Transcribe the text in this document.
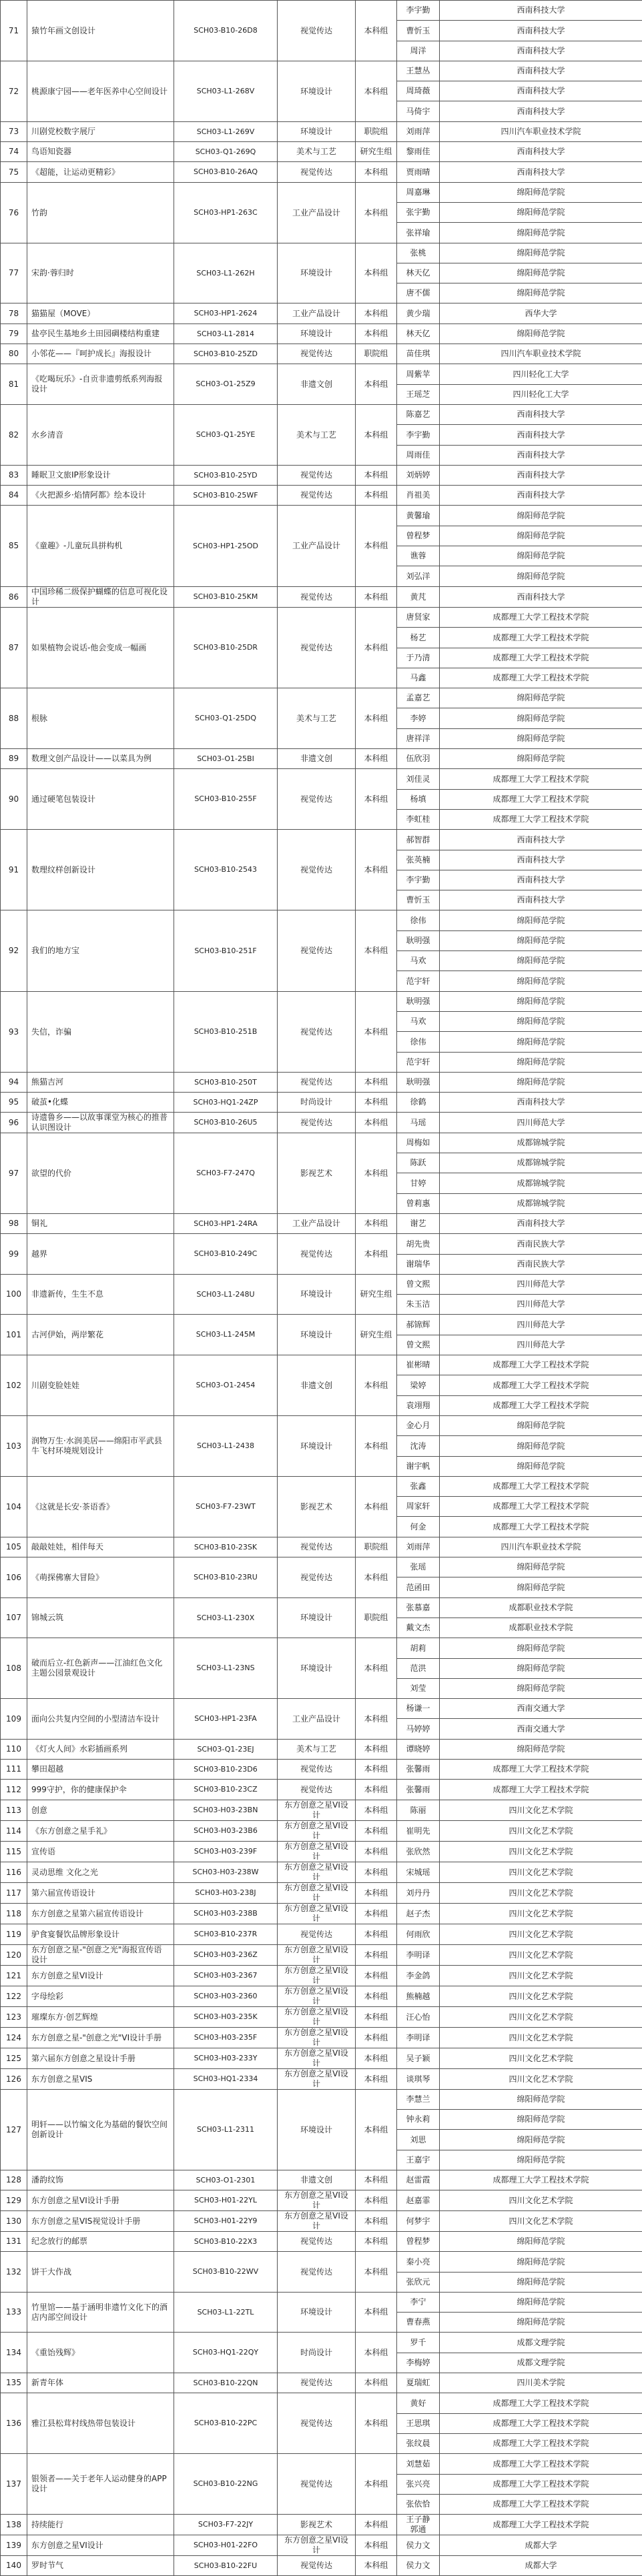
71	猿竹年画文创设计	SCH03-B10-26D8	视觉传达	本科组	李宇勤	西南科技大学
					曹忻玉	西南科技大学
					周洋	西南科技大学
72	桃源康宁园——老年医养中心空间设计	SCH03-L1-268V	环境设计	本科组	王慧丛	西南科技大学
					周琦薇	西南科技大学
					马倚宇	西南科技大学
73	川剧党校数字展厅	SCH03-L1-269V	环境设计	职院组	刘雨萍	四川汽车职业技术学院
74	鸟语知瓷器	SCH03-Q1-269Q	美术与工艺	研究生组	黎雨佳	西南科技大学
75	《超能，让运动更精彩》	SCH03-B10-26AQ	视觉传达	本科组	贾雨晴	西南科技大学
76	竹韵	SCH03-HP1-263C	工业产品设计	本科组	周嘉琳	绵阳师范学院
					张宇勤	绵阳师范学院
					张祥瑜	绵阳师范学院
77	宋韵·蓉归时	SCH03-L1-262H	环境设计	本科组	张桃	绵阳师范学院
					林天亿	绵阳师范学院
					唐不儒	绵阳师范学院
78	猫猫屋（MOVE）	SCH03-HP1-2624	工业产品设计	本科组	黄少瑞	西华大学
79	盐亭民生基地乡土田园碉楼结构重建	SCH03-L1-2814	环境设计	本科组	林天亿	绵阳师范学院
80	小邻花——『呵护成长』海报设计	SCH03-B10-25ZD	视觉传达	职院组	苗佳琪	四川汽车职业技术学院
81	《吃喝玩乐》-自贡非遗剪纸系列海报设计	SCH03-O1-25Z9	非遗文创	本科组	周紫苹	四川轻化工大学
					王瑶芝	四川轻化工大学
82	水乡清音	SCH03-Q1-25YE	美术与工艺	本科组	陈嘉艺	西南科技大学
					李宇勤	西南科技大学
					周雨佳	西南科技大学
83	睡眠卫文旅IP形象设计	SCH03-B10-25YD	视觉传达	本科组	刘炳婷	西南科技大学
84	《火把源乡·焰情阿都》绘本设计	SCH03-B10-25WF	视觉传达	本科组	肖祖美	西南科技大学
85	《童趣》-儿童玩具拼构机	SCH03-HP1-25OD	工业产品设计	本科组	黄馨瑜	绵阳师范学院
					曾程梦	绵阳师范学院
					谯蓉	绵阳师范学院
					刘弘洋	绵阳师范学院
86	中国珍稀二级保护蝴蝶的信息可视化设计	SCH03-B10-25KM	视觉传达	本科组	黄芃	西南科技大学
87	如果植物会说话-他会变成一幅画	SCH03-B10-25DR	视觉传达	本科组	唐贤家	成都理工大学工程技术学院
					杨艺	成都理工大学工程技术学院
					于乃清	成都理工大学工程技术学院
					马鑫	成都理工大学工程技术学院
88	根脉	SCH03-Q1-25DQ	美术与工艺	本科组	孟嘉艺	绵阳师范学院
					李婷	绵阳师范学院
					唐祥洋	绵阳师范学院
89	数理文创产品设计——以菜具为例	SCH03-O1-25BI	非遗文创	本科组	伍欣羽	绵阳师范学院
90	通过硬笔包装设计	SCH03-B10-255F	视觉传达	本科组	刘佳灵	成都理工大学工程技术学院
					杨填	成都理工大学工程技术学院
					李虹桂	成都理工大学工程技术学院
91	数理纹样创新设计	SCH03-B10-2543	视觉传达	本科组	郝智群	西南科技大学
					张英楠	西南科技大学
					李宇勤	西南科技大学
					曹忻玉	西南科技大学
92	我们的地方宝	SCH03-B10-251F	视觉传达	本科组	徐伟	绵阳师范学院
					耿明强	绵阳师范学院
					马欢	绵阳师范学院
					范宇轩	绵阳师范学院
93	失信，诈骗	SCH03-B10-251B	视觉传达	本科组	耿明强	绵阳师范学院
					马欢	绵阳师范学院
					徐伟	绵阳师范学院
					范宇轩	绵阳师范学院
94	熊猫吉河	SCH03-B10-250T	视觉传达	本科组	耿明强	绵阳师范学院
95	破茧•化蝶	SCH03-HQ1-24ZP	时尚设计	本科组	徐鹤	西南科技大学
96	诗遗鲁乡——以故事课堂为核心的推普认识图设计	SCH03-B10-26U5	视觉传达	本科组	马瑶	四川师范大学
97	欲望的代价	SCH03-F7-247Q	影视艺术	本科组	周梅如	成都锦城学院
					陈跃	成都锦城学院
					甘婷	成都锦城学院
					曾莉惠	成都锦城学院
98	铜礼	SCH03-HP1-24RA	工业产品设计	本科组	谢艺	西南科技大学
99	越界	SCH03-B10-249C	视觉传达	本科组	胡先贵	西南民族大学
					谢瑞华	西南民族大学
100	非遗新传，生生不息	SCH03-L1-248U	环境设计	研究生组	曾文熙	四川师范大学
					朱玉洁	四川师范大学
101	古河伊始，两岸繁花	SCH03-L1-245M	环境设计	研究生组	郝锦辉	四川师范大学
					曾文熙	四川师范大学
102	川剧变脸娃娃	SCH03-O1-2454	非遗文创	本科组	崔彬晴	成都理工大学工程技术学院
					梁婷	成都理工大学工程技术学院
					袁翊翔	成都理工大学工程技术学院
103	润物万生·水润美居——绵阳市平武县牛飞村环境规划设计	SCH03-L1-2438	环境设计	本科组	金心月	绵阳师范学院
					沈涛	绵阳师范学院
					谢宇帆	绵阳师范学院
104	《这就是长安·茶语香》	SCH03-F7-23WT	影视艺术	本科组	张鑫	成都理工大学工程技术学院
					周家轩	成都理工大学工程技术学院
					何金	成都理工大学工程技术学院
105	敲敲娃娃，相伴每天	SCH03-B10-23SK	视觉传达	职院组	刘雨萍	四川汽车职业技术学院
106	《萌探佛寨大冒险》	SCH03-B10-23RU	视觉传达	本科组	张瑶	绵阳师范学院
					范函田	绵阳师范学院
107	锦城云筑	SCH03-L1-230X	环境设计	职院组	张慕嘉	成都职业技术学院
					戴文杰	成都职业技术学院
108	破而后立-红色新声——江油红色文化主题公园景观设计	SCH03-L1-23NS	环境设计	本科组	胡莉	绵阳师范学院
					范洪	绵阳师范学院
					刘莹	绵阳师范学院
109	面向公共复内空间的小型清洁车设计	SCH03-HP1-23FA	工业产品设计	本科组	杨谦一	西南交通大学
					马婷婷	西南交通大学
110	《灯火人间》水彩插画系列	SCH03-Q1-23EJ	美术与工艺	本科组	谭晓婷	绵阳师范学院
111	攀田超越	SCH03-B10-23D6	视觉传达	本科组	张馨雨	成都理工大学工程技术学院
112	999守护，你的健康保护伞	SCH03-B10-23CZ	视觉传达	本科组	张馨雨	成都理工大学工程技术学院
113	创意	SCH03-H03-23BN	东方创意之星VI设计	本科组	陈丽	四川文化艺术学院
114	《东方创意之星手礼》	SCH03-H03-23B6	东方创意之星VI设计	本科组	崔明先	四川文化艺术学院
115	宣传语	SCH03-H03-239F	东方创意之星VI设计	本科组	张欣然	四川文化艺术学院
116	灵动思维 文化之光	SCH03-H03-238W	东方创意之星VI设计	本科组	宋城瑶	四川文化艺术学院
117	第六届宣传语设计	SCH03-H03-238J	东方创意之星VI设计	本科组	刘丹丹	四川文化艺术学院
118	东方创意之星第六届宣传语设计	SCH03-H03-238B	东方创意之星VI设计	本科组	赵子杰	四川文化艺术学院
119	驴食宴餐饮品牌形象设计	SCH03-B10-237R	视觉传达	本科组	何雨欣	四川文化艺术学院
120	东方创意之星-"创意之光"海报宣传语设计	SCH03-H03-236Z	东方创意之星VI设计	本科组	李明译	四川文化艺术学院
121	东方创意之星VI设计	SCH03-H03-2367	东方创意之星VI设计	本科组	李金鸽	四川文化艺术学院
122	字母绘彩	SCH03-H03-2360	东方创意之星VI设计	本科组	熊楠越	四川文化艺术学院
123	璀璨东方·创艺辉煌	SCH03-H03-235K	东方创意之星VI设计	本科组	汪心怡	四川文化艺术学院
124	东方创意之星-"创意之光"VI设计手册	SCH03-H03-235F	东方创意之星VI设计	本科组	李明译	四川文化艺术学院
125	第六届东方创意之星设计手册	SCH03-H03-233Y	东方创意之星VI设计	本科组	吴子颖	四川文化艺术学院
126	东方创意之星VIS	SCH03-HQ1-2334	东方创意之星VI设计	本科组	谈琪琴	四川文化艺术学院
127	明轩——以竹编文化为基础的餐饮空间创新设计	SCH03-L1-2311	环境设计	本科组	李慧兰	绵阳师范学院
					钟永莉	绵阳师范学院
					刘思	绵阳师范学院
					王嘉宇	绵阳师范学院
128	潘韵纹饰	SCH03-O1-2301	非遗文创	本科组	赵雷霞	成都理工大学工程技术学院
129	东方创意之星VI设计手册	SCH03-H01-22YL	东方创意之星VI设计	本科组	赵嘉霏	四川文化艺术学院
130	东方创意之星VIS视觉设计手册	SCH03-H01-22Y9	东方创意之星VI设计	本科组	何梦宇	四川文化艺术学院
131	纪念放行的邮票	SCH03-B10-22X3	视觉传达	本科组	曾程梦	绵阳师范学院
132	饼干大作战	SCH03-B10-22WV	视觉传达	本科组	秦小亮	绵阳师范学院
					张欣元	绵阳师范学院
133	竹里馆——基于涵明非遗竹文化下的酒店内部空间设计	SCH03-L1-22TL	环境设计	本科组	李宁	绵阳师范学院
					曹春燕	绵阳师范学院
134	《重饴残辉》	SCH03-HQ1-22QY	时尚设计	本科组	罗千	成都文理学院
					李梅婷	成都文理学院
135	新青年体	SCH03-B10-22QN	视觉传达	本科组	夏瑞虹	四川美术学院
136	雅江县松茸村线热带包装设计	SCH03-B10-22PC	视觉传达	本科组	黄好	成都理工大学工程技术学院
					王思琪	成都理工大学工程技术学院
					张纹晨	成都理工大学工程技术学院
137	银领者——关于老年人运动健身的APP设计	SCH03-B10-22NG	视觉传达	本科组	刘慧茹	成都理工大学工程技术学院
					张兴亮	成都理工大学工程技术学院
					张依恰	成都理工大学工程技术学院
138	持续能行	SCH03-F7-22JY	影视艺术	本科组	王子静 郭通	成都理工大学工程技术学院
139	东方创意之星VI设计	SCH03-H01-22FO	东方创意之星VI设计	本科组	侯力文	成都大学
140	罗时节气	SCH03-B10-22FU	视觉传达	本科组	侯力文	成都大学
